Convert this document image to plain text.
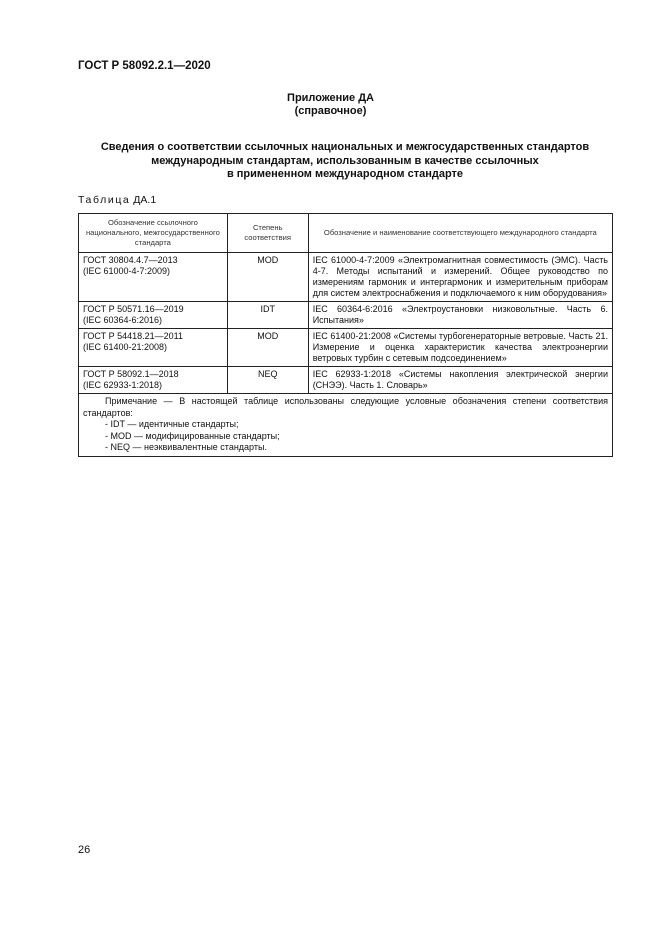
ГОСТ Р 58092.2.1—2020
Приложение ДА
(справочное)
Сведения о соответствии ссылочных национальных и межгосударственных стандартов
международным стандартам, использованным в качестве ссылочных
в примененном международном стандарте
Таблица ДА.1
Обозначение ссылочного национального, межгосударственного стандарта	Степень соответствия	Обозначение и наименование соответствующего международного стандарта

ГОСТ 30804.4.7—2013
(IEC 61000-4-7:2009)	MOD	IEC 61000-4-7:2009 «Электромагнитная совместимость (ЭМС). Часть 4-7. Методы испытаний и измерений. Общее руководство по измерениям гармоник и интергармоник и измерительным приборам для систем электроснабжения и подключаемого к ним оборудования»

ГОСТ Р 50571.16—2019
(IEC 60364-6:2016)	IDT	IEC 60364-6:2016 «Электроустановки низковольтные. Часть 6. Испытания»

ГОСТ Р 54418.21—2011
(IEC 61400-21:2008)	MOD	IEC 61400-21:2008 «Системы турбогенераторные ветровые. Часть 21. Измерение и оценка характеристик качества электроэнергии ветровых турбин с сетевым подсоединением»

ГОСТ Р 58092.1—2018
(IEC 62933-1:2018)	NEQ	IEC 62933-1:2018 «Системы накопления электрической энергии (СНЭЭ). Часть 1. Словарь»

Примечание — В настоящей таблице использованы следующие условные обозначения степени соответствия стандартов:
- IDT — идентичные стандарты;
- MOD — модифицированные стандарты;
- NEQ — неэквивалентные стандарты.		
26
